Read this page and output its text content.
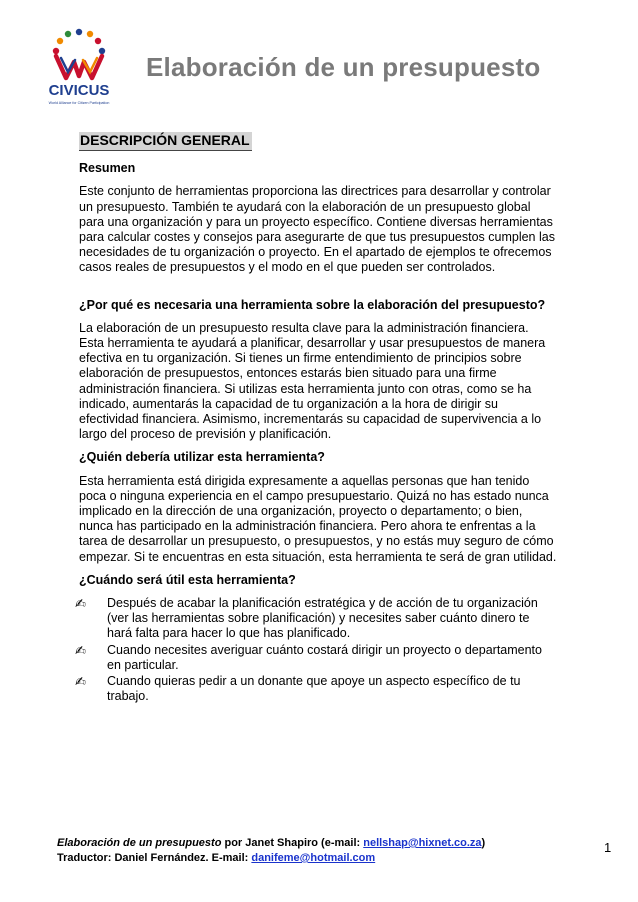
CIVICUS
World Alliance for Citizen Participation
Elaboración de un presupuesto
DESCRIPCIÓN GENERAL

Resumen

Este conjunto de herramientas proporciona las directrices para desarrollar y controlar un presupuesto. También te ayudará con la elaboración de un presupuesto global para una organización y para un proyecto específico. Contiene diversas herramientas para calcular costes y consejos para asegurarte de que tus presupuestos cumplen las necesidades de tu organización o proyecto. En el apartado de ejemplos te ofrecemos casos reales de presupuestos y el modo en el que pueden ser controlados.

¿Por qué es necesaria una herramienta sobre la elaboración del presupuesto?

La elaboración de un presupuesto resulta clave para la administración financiera. Esta herramienta te ayudará a planificar, desarrollar y usar presupuestos de manera efectiva en tu organización. Si tienes un firme entendimiento de principios sobre elaboración de presupuestos, entonces estarás bien situado para una firme administración financiera. Si utilizas esta herramienta junto con otras, como se ha indicado, aumentarás la capacidad de tu organización a la hora de dirigir su efectividad financiera. Asimismo, incrementarás su capacidad de supervivencia a lo largo del proceso de previsión y planificación.

¿Quién debería utilizar esta herramienta?

Esta herramienta está dirigida expresamente a aquellas personas que han tenido poca o ninguna experiencia en el campo presupuestario. Quizá no has estado nunca implicado en la dirección de una organización, proyecto o departamento; o bien, nunca has participado en la administración financiera. Pero ahora te enfrentas a la tarea de desarrollar un presupuesto, o presupuestos, y no estás muy seguro de cómo empezar. Si te encuentras en esta situación, esta herramienta te será de gran utilidad.

¿Cuándo será útil esta herramienta?

✍ Después de acabar la planificación estratégica y de acción de tu organización (ver las herramientas sobre planificación) y necesites saber cuánto dinero te hará falta para hacer lo que has planificado.
✍ Cuando necesites averiguar cuánto costará dirigir un proyecto o departamento en particular.
✍ Cuando quieras pedir a un donante que apoye un aspecto específico de tu trabajo.
Elaboración de un presupuesto por Janet Shapiro (e-mail: nellshap@hixnet.co.za)
Traductor: Daniel Fernández. E-mail: danifeme@hotmail.com
1
